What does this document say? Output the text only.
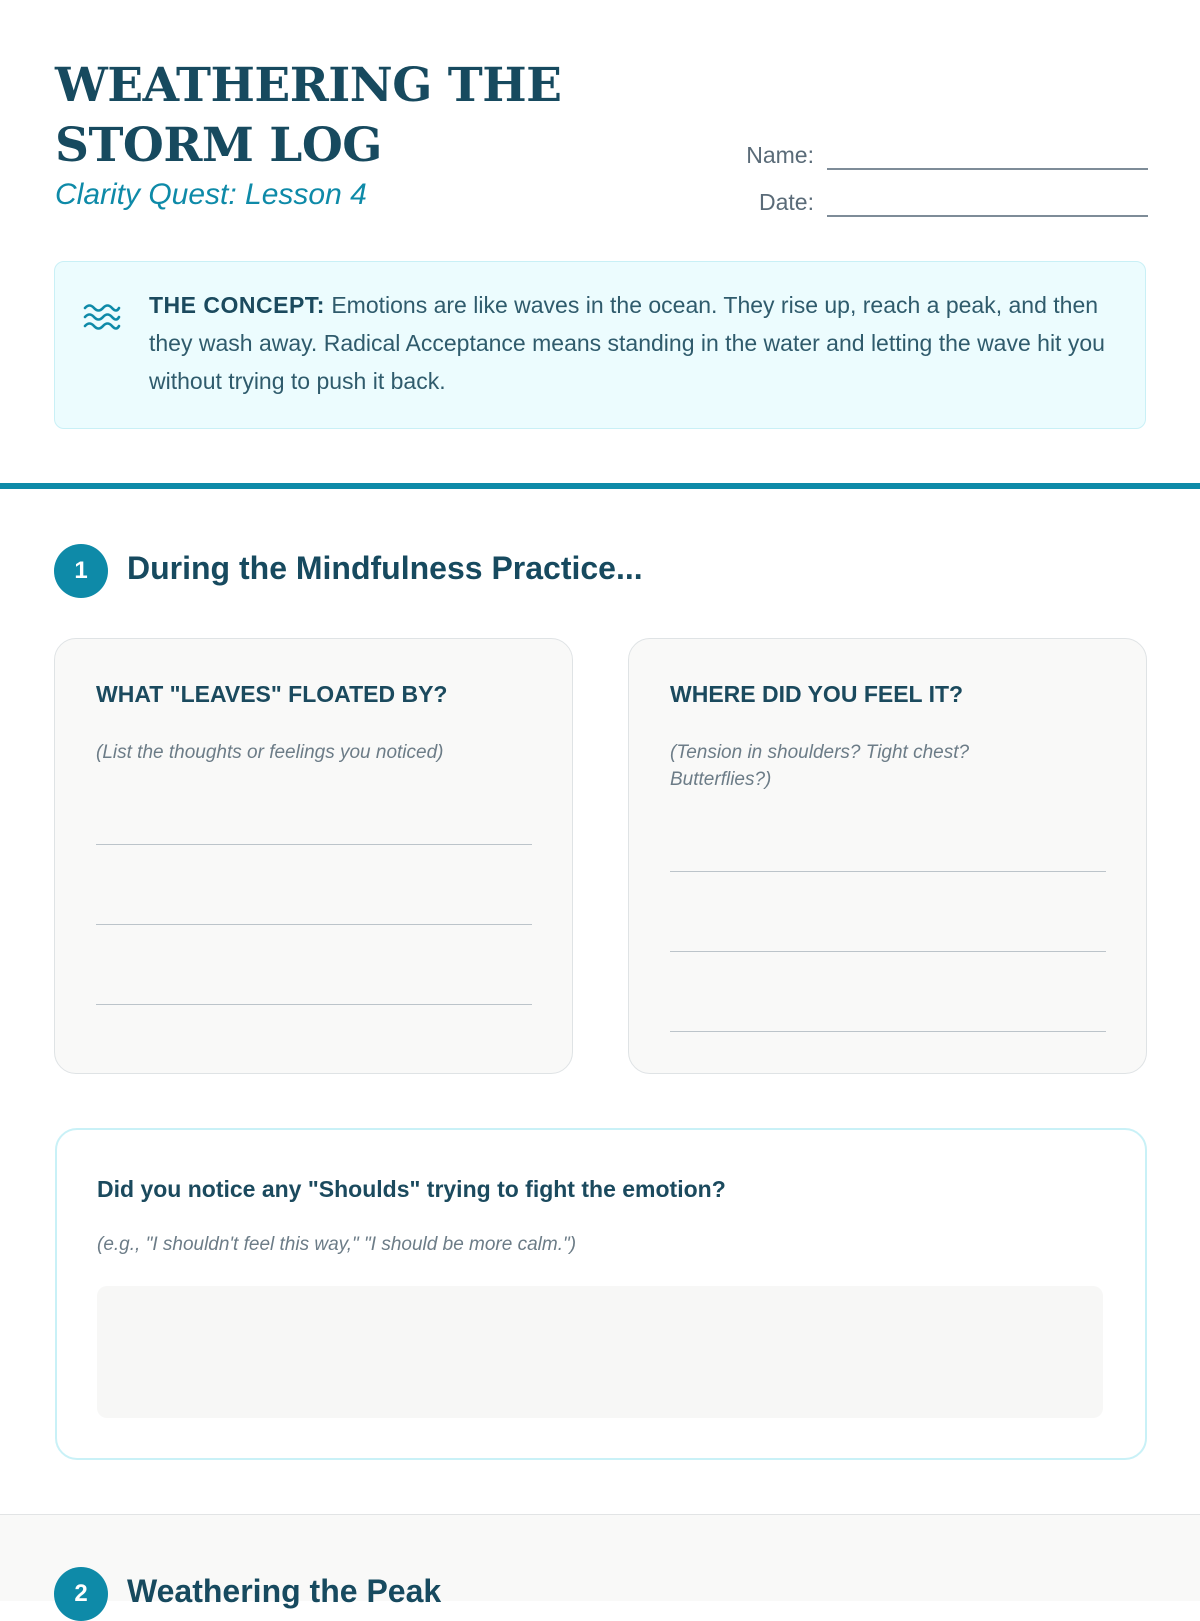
WEATHERING THE STORM LOG
Clarity Quest: Lesson 4
Name:
Date:
THE CONCEPT: Emotions are like waves in the ocean. They rise up, reach a peak, and then they wash away. Radical Acceptance means standing in the water and letting the wave hit you without trying to push it back.
1	During the Mindfulness Practice...
WHAT "LEAVES" FLOATED BY?
(List the thoughts or feelings you noticed)
WHERE DID YOU FEEL IT?
(Tension in shoulders? Tight chest? Butterflies?)
Did you notice any "Shoulds" trying to fight the emotion?
(e.g., "I shouldn't feel this way," "I should be more calm.")
2	Weathering the Peak
